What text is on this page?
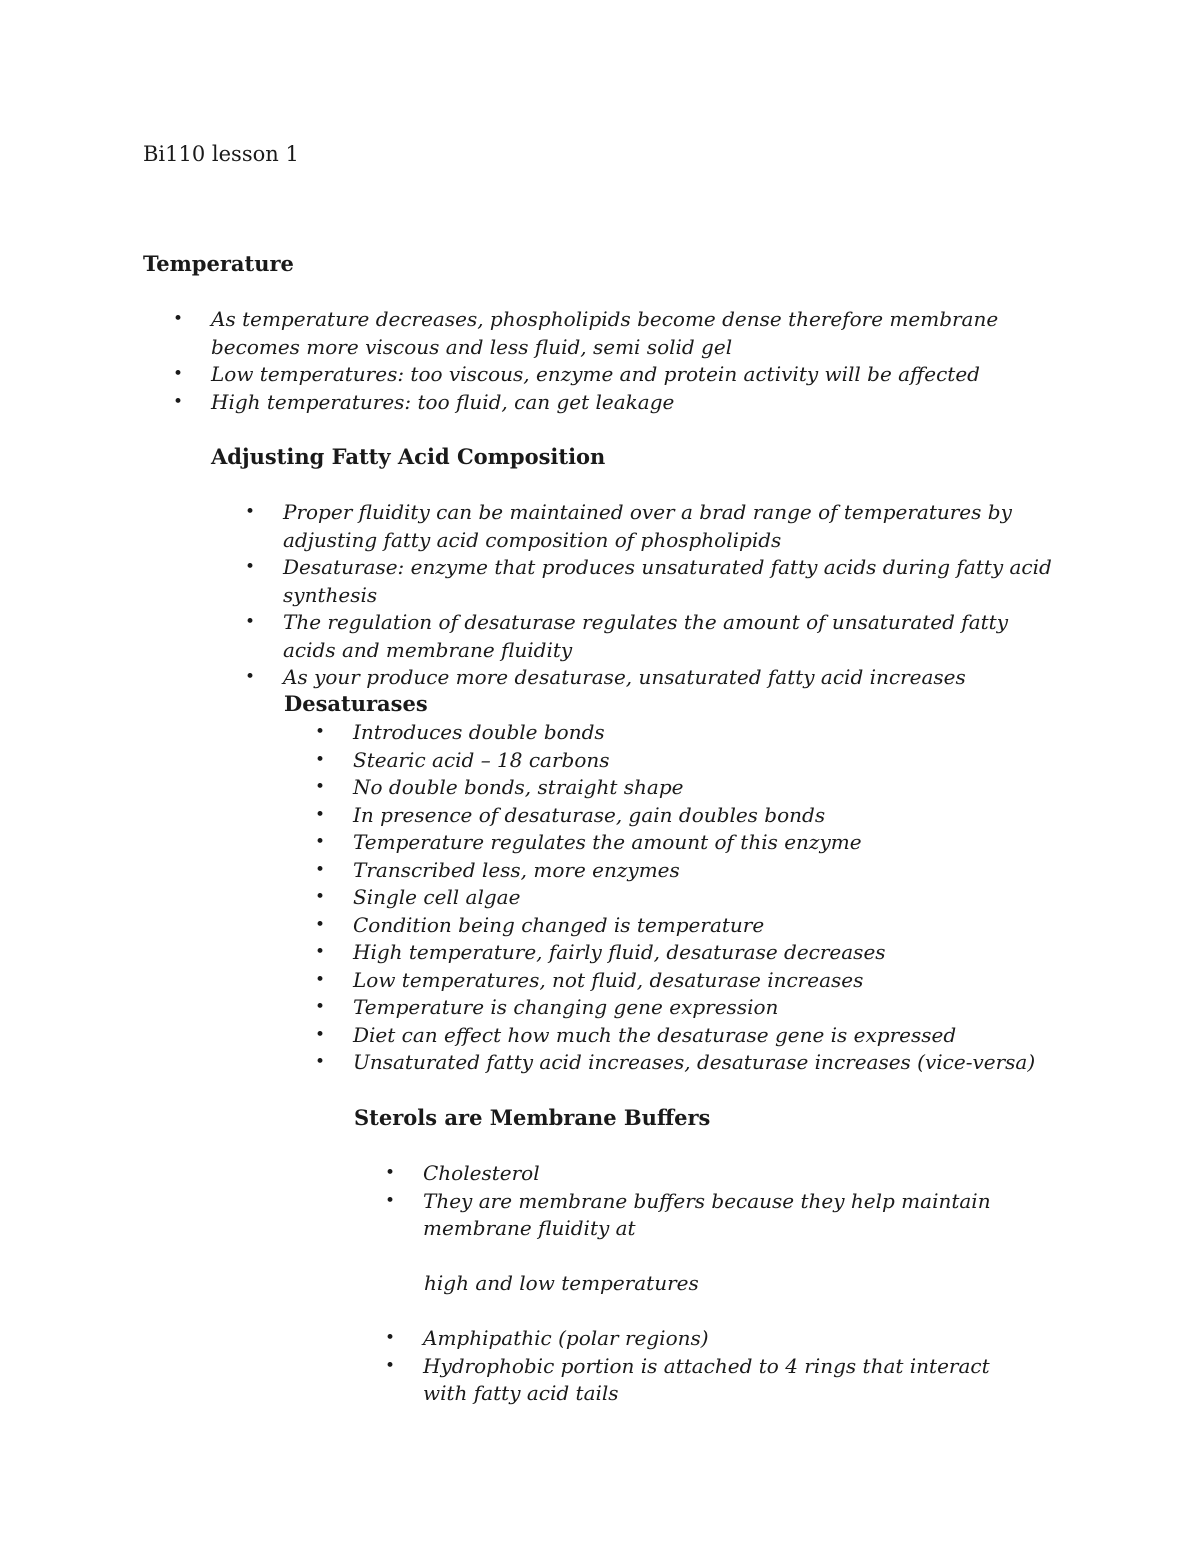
Bi110 lesson 1

Temperature
• As temperature decreases, phospholipids become dense therefore membrane becomes more viscous and less fluid, semi solid gel
• Low temperatures: too viscous, enzyme and protein activity will be affected
• High temperatures: too fluid, can get leakage
Adjusting Fatty Acid Composition
• Proper fluidity can be maintained over a brad range of temperatures by adjusting fatty acid composition of phospholipids
• Desaturase: enzyme that produces unsaturated fatty acids during fatty acid synthesis
• The regulation of desaturase regulates the amount of unsaturated fatty acids and membrane fluidity
• As your produce more desaturase, unsaturated fatty acid increases
Desaturases
• Introduces double bonds
• Stearic acid – 18 carbons
• No double bonds, straight shape
• In presence of desaturase, gain doubles bonds
• Temperature regulates the amount of this enzyme
• Transcribed less, more enzymes
• Single cell algae
• Condition being changed is temperature
• High temperature, fairly fluid, desaturase decreases
• Low temperatures, not fluid, desaturase increases
• Temperature is changing gene expression
• Diet can effect how much the desaturase gene is expressed
• Unsaturated fatty acid increases, desaturase increases (vice-versa)
Sterols are Membrane Buffers
• Cholesterol
• They are membrane buffers because they help maintain membrane fluidity at

high and low temperatures

• Amphipathic (polar regions)
• Hydrophobic portion is attached to 4 rings that interact with fatty acid tails
